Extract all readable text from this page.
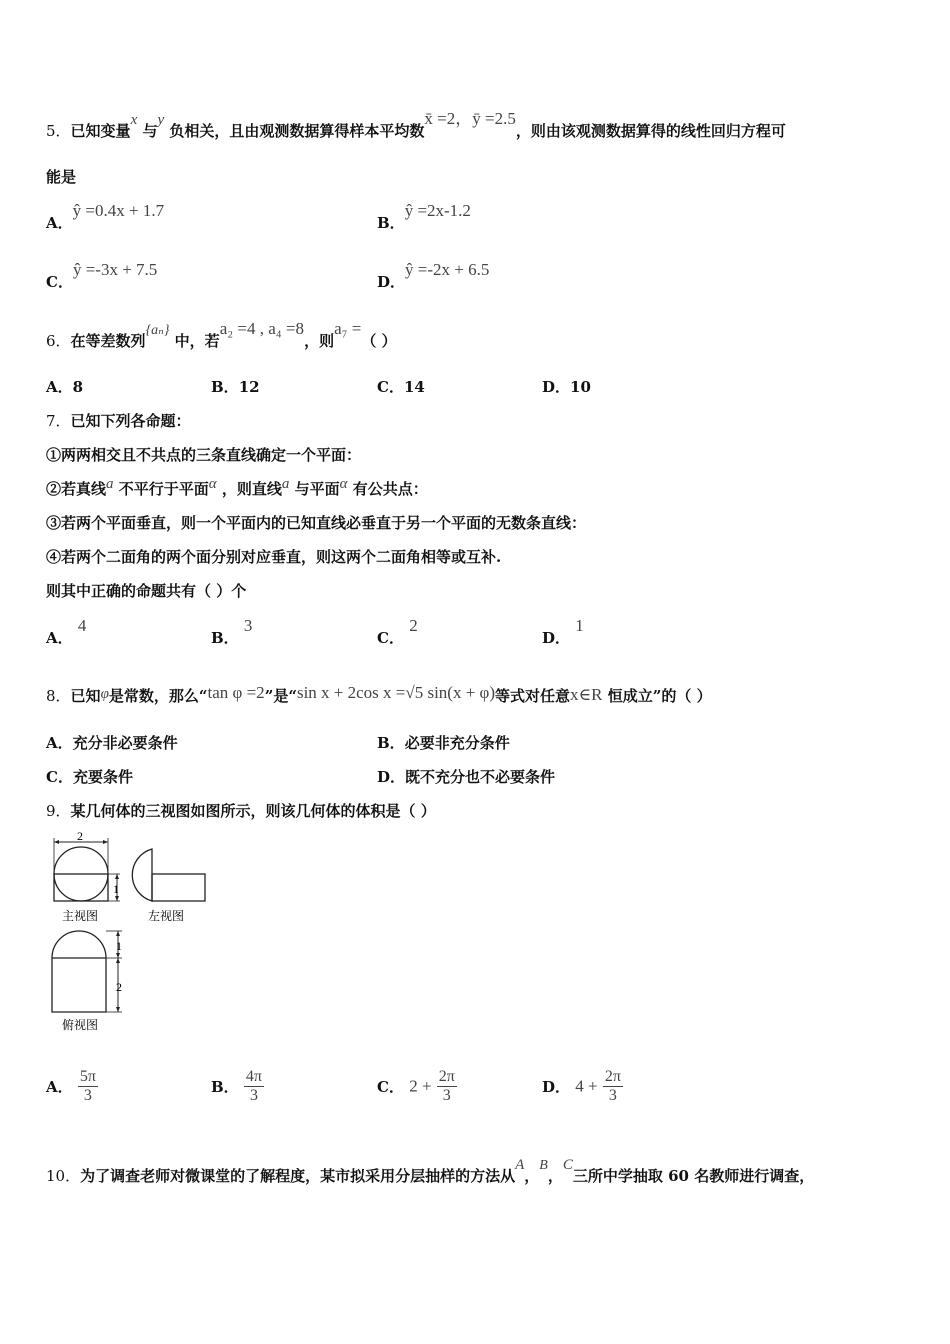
5．已知变量x 与y 负相关，且由观测数据算得样本平均数x̄ =2，ȳ =2.5，则由该观测数据算得的线性回归方程可
能是
A．ŷ =0.4x + 1.7
B．ŷ =2x-1.2
C．ŷ =-3x + 7.5
D．ŷ =-2x + 6.5
6．在等差数列{aₙ} 中，若a₂ =4 , a₄ =8，则a₇ =（ ）
A．8	B．12	C．14	D．10
7．已知下列各命题：
①两两相交且不共点的三条直线确定一个平面：
②若真线a 不平行于平面α ，则直线a 与平面α 有公共点：
③若两个平面垂直，则一个平面内的已知直线必垂直于另一个平面的无数条直线：
④若两个二面角的两个面分别对应垂直，则这两个二面角相等或互补.
则其中正确的命题共有（ ）个
A． 4
B． 3
C． 2
D． 1
8．已知φ是常数，那么“tan φ =2”是“sin x + 2cos x =√5 sin(x + φ)等式对任意x∈R 恒成立”的（ ）
A．充分非必要条件	B．必要非充分条件
C．充要条件	D．既不充分也不必要条件
9．某几何体的三视图如图所示，则该几何体的体积是（ ）
2
1
主视图	左视图
1
2
俯视图
A． $\frac{5\pi}{3}$	B． $\frac{4\pi}{3}$	C． $2 + \frac{2\pi}{3}$	D． $4 + \frac{2\pi}{3}$
10．为了调查老师对微课堂的了解程度，某市拟采用分层抽样的方法从A，B，C三所中学抽取 60 名教师进行调查，
